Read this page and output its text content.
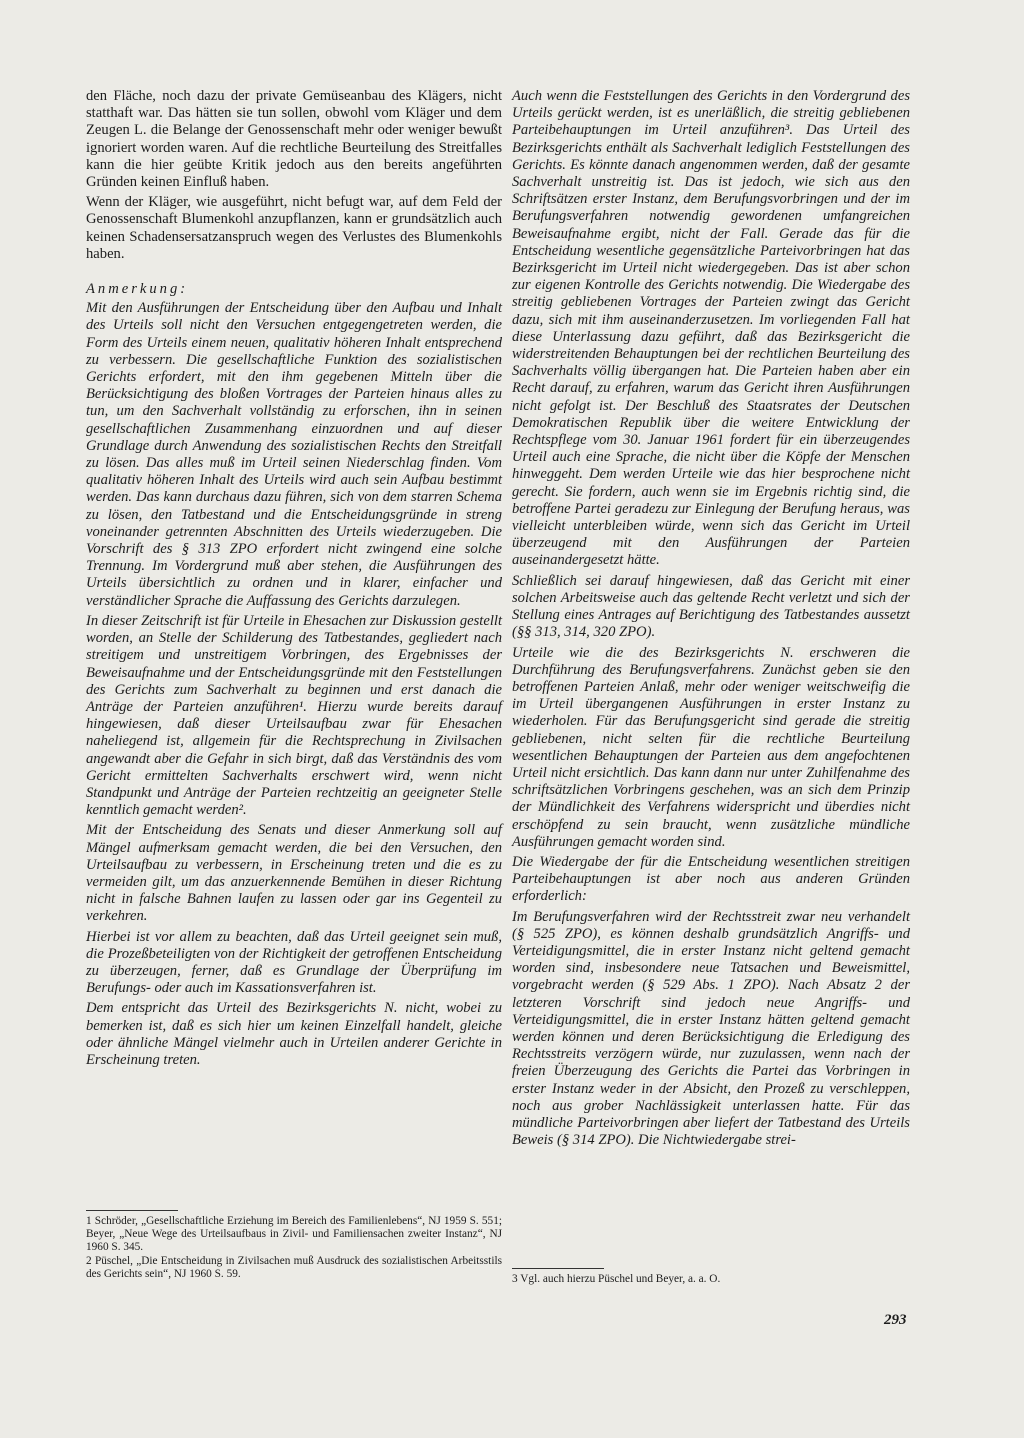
den Fläche, noch dazu der private Gemüseanbau des Klägers, nicht statthaft war. Das hätten sie tun sollen, obwohl vom Kläger und dem Zeugen L. die Belange der Genossenschaft mehr oder weniger bewußt ignoriert worden waren. Auf die rechtliche Beurteilung des Streitfalles kann die hier geübte Kritik jedoch aus den bereits angeführten Gründen keinen Einfluß haben.

Wenn der Kläger, wie ausgeführt, nicht befugt war, auf dem Feld der Genossenschaft Blumenkohl anzupflanzen, kann er grundsätzlich auch keinen Schadensersatzanspruch wegen des Verlustes des Blumenkohls haben.

Anmerkung:

Mit den Ausführungen der Entscheidung über den Aufbau und Inhalt des Urteils soll nicht den Versuchen entgegengetreten werden, die Form des Urteils einem neuen, qualitativ höheren Inhalt entsprechend zu verbessern. Die gesellschaftliche Funktion des sozialistischen Gerichts erfordert, mit den ihm gegebenen Mitteln über die Berücksichtigung des bloßen Vortrages der Parteien hinaus alles zu tun, um den Sachverhalt vollständig zu erforschen, ihn in seinen gesellschaftlichen Zusammenhang einzuordnen und auf dieser Grundlage durch Anwendung des sozialistischen Rechts den Streitfall zu lösen. Das alles muß im Urteil seinen Niederschlag finden. Vom qualitativ höheren Inhalt des Urteils wird auch sein Aufbau bestimmt werden. Das kann durchaus dazu führen, sich von dem starren Schema zu lösen, den Tatbestand und die Entscheidungsgründe in streng voneinander getrennten Abschnitten des Urteils wiederzugeben. Die Vorschrift des § 313 ZPO erfordert nicht zwingend eine solche Trennung. Im Vordergrund muß aber stehen, die Ausführungen des Urteils übersichtlich zu ordnen und in klarer, einfacher und verständlicher Sprache die Auffassung des Gerichts darzulegen.

In dieser Zeitschrift ist für Urteile in Ehesachen zur Diskussion gestellt worden, an Stelle der Schilderung des Tatbestandes, gegliedert nach streitigem und unstreitigem Vorbringen, des Ergebnisses der Beweisaufnahme und der Entscheidungsgründe mit den Feststellungen des Gerichts zum Sachverhalt zu beginnen und erst danach die Anträge der Parteien anzuführen¹. Hierzu wurde bereits darauf hingewiesen, daß dieser Urteilsaufbau zwar für Ehesachen naheliegend ist, allgemein für die Rechtsprechung in Zivilsachen angewandt aber die Gefahr in sich birgt, daß das Verständnis des vom Gericht ermittelten Sachverhalts erschwert wird, wenn nicht Standpunkt und Anträge der Parteien rechtzeitig an geeigneter Stelle kenntlich gemacht werden².

Mit der Entscheidung des Senats und dieser Anmerkung soll auf Mängel aufmerksam gemacht werden, die bei den Versuchen, den Urteilsaufbau zu verbessern, in Erscheinung treten und die es zu vermeiden gilt, um das anzuerkennende Bemühen in dieser Richtung nicht in falsche Bahnen laufen zu lassen oder gar ins Gegenteil zu verkehren.

Hierbei ist vor allem zu beachten, daß das Urteil geeignet sein muß, die Prozeßbeteiligten von der Richtigkeit der getroffenen Entscheidung zu überzeugen, ferner, daß es Grundlage der Überprüfung im Berufungs- oder auch im Kassationsverfahren ist.

Dem entspricht das Urteil des Bezirksgerichts N. nicht, wobei zu bemerken ist, daß es sich hier um keinen Einzelfall handelt, gleiche oder ähnliche Mängel vielmehr auch in Urteilen anderer Gerichte in Erscheinung treten.

1 Schröder, „Gesellschaftliche Erziehung im Bereich des Familienlebens“, NJ 1959 S. 551; Beyer, „Neue Wege des Urteilsaufbaus in Zivil- und Familiensachen zweiter Instanz“, NJ 1960 S. 345.

2 Püschel, „Die Entscheidung in Zivilsachen muß Ausdruck des sozialistischen Arbeitsstils des Gerichts sein“, NJ 1960 S. 59.

Auch wenn die Feststellungen des Gerichts in den Vordergrund des Urteils gerückt werden, ist es unerläßlich, die streitig gebliebenen Parteibehauptungen im Urteil anzuführen³. Das Urteil des Bezirksgerichts enthält als Sachverhalt lediglich Feststellungen des Gerichts. Es könnte danach angenommen werden, daß der gesamte Sachverhalt unstreitig ist. Das ist jedoch, wie sich aus den Schriftsätzen erster Instanz, dem Berufungsvorbringen und der im Berufungsverfahren notwendig gewordenen umfangreichen Beweisaufnahme ergibt, nicht der Fall. Gerade das für die Entscheidung wesentliche gegensätzliche Parteivorbringen hat das Bezirksgericht im Urteil nicht wiedergegeben. Das ist aber schon zur eigenen Kontrolle des Gerichts notwendig. Die Wiedergabe des streitig gebliebenen Vortrages der Parteien zwingt das Gericht dazu, sich mit ihm auseinanderzusetzen. Im vorliegenden Fall hat diese Unterlassung dazu geführt, daß das Bezirksgericht die widerstreitenden Behauptungen bei der rechtlichen Beurteilung des Sachverhalts völlig übergangen hat. Die Parteien haben aber ein Recht darauf, zu erfahren, warum das Gericht ihren Ausführungen nicht gefolgt ist. Der Beschluß des Staatsrates der Deutschen Demokratischen Republik über die weitere Entwicklung der Rechtspflege vom 30. Januar 1961 fordert für ein überzeugendes Urteil auch eine Sprache, die nicht über die Köpfe der Menschen hinweggeht. Dem werden Urteile wie das hier besprochene nicht gerecht. Sie fordern, auch wenn sie im Ergebnis richtig sind, die betroffene Partei geradezu zur Einlegung der Berufung heraus, was vielleicht unterbleiben würde, wenn sich das Gericht im Urteil überzeugend mit den Ausführungen der Parteien auseinandergesetzt hätte.

Schließlich sei darauf hingewiesen, daß das Gericht mit einer solchen Arbeitsweise auch das geltende Recht verletzt und sich der Stellung eines Antrages auf Berichtigung des Tatbestandes aussetzt (§§ 313, 314, 320 ZPO).

Urteile wie die des Bezirksgerichts N. erschweren die Durchführung des Berufungsverfahrens. Zunächst geben sie den betroffenen Parteien Anlaß, mehr oder weniger weitschweifig die im Urteil übergangenen Ausführungen in erster Instanz zu wiederholen. Für das Berufungsgericht sind gerade die streitig gebliebenen, nicht selten für die rechtliche Beurteilung wesentlichen Behauptungen der Parteien aus dem angefochtenen Urteil nicht ersichtlich. Das kann dann nur unter Zuhilfenahme des schriftsätzlichen Vorbringens geschehen, was an sich dem Prinzip der Mündlichkeit des Verfahrens widerspricht und überdies nicht erschöpfend zu sein braucht, wenn zusätzliche mündliche Ausführungen gemacht worden sind.

Die Wiedergabe der für die Entscheidung wesentlichen streitigen Parteibehauptungen ist aber noch aus anderen Gründen erforderlich:

Im Berufungsverfahren wird der Rechtsstreit zwar neu verhandelt (§ 525 ZPO), es können deshalb grundsätzlich Angriffs- und Verteidigungsmittel, die in erster Instanz nicht geltend gemacht worden sind, insbesondere neue Tatsachen und Beweismittel, vorgebracht werden (§ 529 Abs. 1 ZPO). Nach Absatz 2 der letzteren Vorschrift sind jedoch neue Angriffs- und Verteidigungsmittel, die in erster Instanz hätten geltend gemacht werden können und deren Berücksichtigung die Erledigung des Rechtsstreits verzögern würde, nur zuzulassen, wenn nach der freien Überzeugung des Gerichts die Partei das Vorbringen in erster Instanz weder in der Absicht, den Prozeß zu verschleppen, noch aus grober Nachlässigkeit unterlassen hatte. Für das mündliche Parteivorbringen aber liefert der Tatbestand des Urteils Beweis (§ 314 ZPO). Die Nichtwiedergabe strei-

3 Vgl. auch hierzu Püschel und Beyer, a. a. O.

293
